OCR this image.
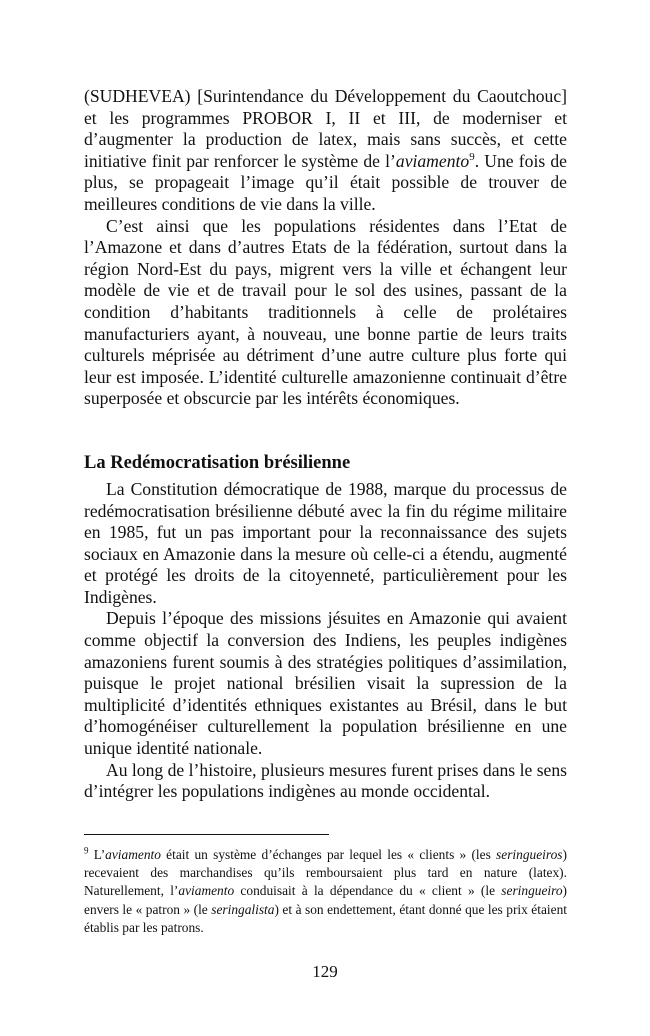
(SUDHEVEA) [Surintendance du Développement du Caoutchouc] et les programmes PROBOR I, II et III, de moderniser et d’augmenter la production de latex, mais sans succès, et cette initiative finit par renforcer le système de l’aviamento$^9$. Une fois de plus, se propageait l’image qu’il était possible de trouver de meilleures conditions de vie dans la ville.

C’est ainsi que les populations résidentes dans l’Etat de l’Amazone et dans d’autres Etats de la fédération, surtout dans la région Nord-Est du pays, migrent vers la ville et échangent leur modèle de vie et de travail pour le sol des usines, passant de la condition d’habitants traditionnels à celle de prolétaires manufacturiers ayant, à nouveau, une bonne partie de leurs traits culturels méprisée au détriment d’une autre culture plus forte qui leur est imposée. L’identité culturelle amazonienne continuait d’être superposée et obscurcie par les intérêts économiques.

La Redémocratisation brésilienne

La Constitution démocratique de 1988, marque du processus de redémocratisation brésilienne débuté avec la fin du régime militaire en 1985, fut un pas important pour la reconnaissance des sujets sociaux en Amazonie dans la mesure où celle-ci a étendu, augmenté et protégé les droits de la citoyenneté, particulièrement pour les Indigènes.

Depuis l’époque des missions jésuites en Amazonie qui avaient comme objectif la conversion des Indiens, les peuples indigènes amazoniens furent soumis à des stratégies politiques d’assimilation, puisque le projet national brésilien visait la supression de la multiplicité d’identités ethniques existantes au Brésil, dans le but d’homogénéiser culturellement la population brésilienne en une unique identité nationale.

Au long de l’histoire, plusieurs mesures furent prises dans le sens d’intégrer les populations indigènes au monde occidental.

$^9$ L’aviamento était un système d’échanges par lequel les « clients » (les seringueiros) recevaient des marchandises qu’ils remboursaient plus tard en nature (latex). Naturellement, l’aviamento conduisait à la dépendance du « client » (le seringueiro) envers le « patron » (le seringalista) et à son endettement, étant donné que les prix étaient établis par les patrons.

129
